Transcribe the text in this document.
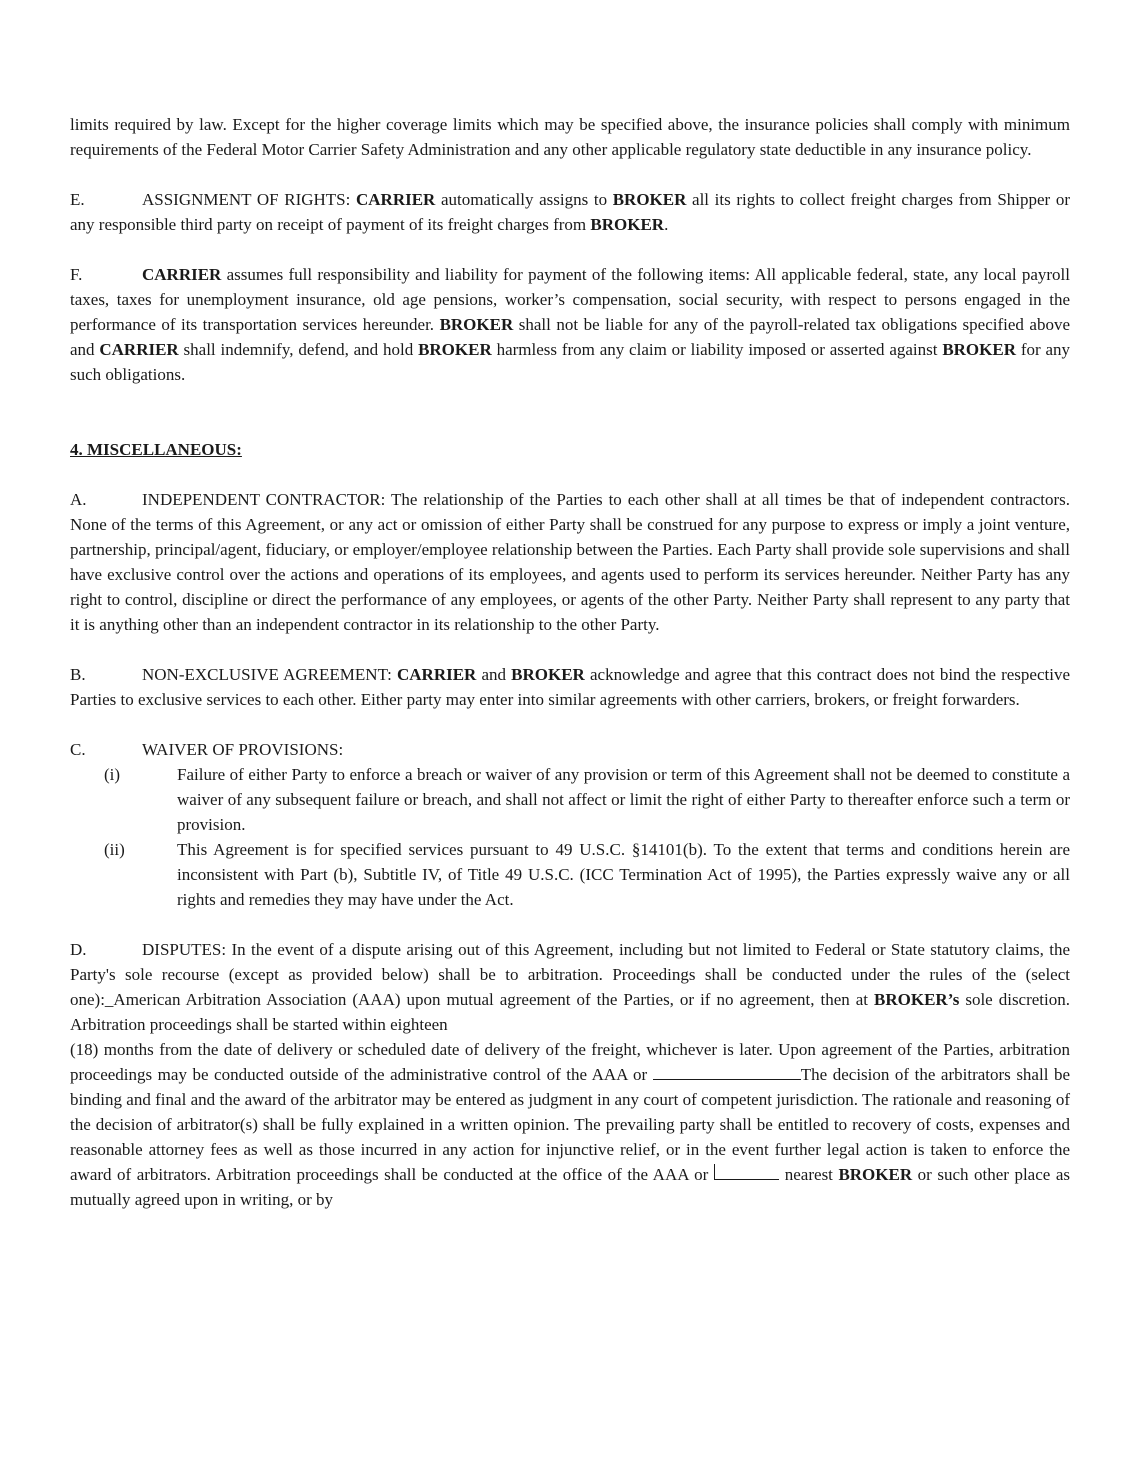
limits required by law. Except for the higher coverage limits which may be specified above, the insurance policies shall comply with minimum requirements of the Federal Motor Carrier Safety Administration and any other applicable regulatory state deductible in any insurance policy.

E.	ASSIGNMENT OF RIGHTS: CARRIER automatically assigns to BROKER all its rights to collect freight charges from Shipper or any responsible third party on receipt of payment of its freight charges from BROKER.

F.	CARRIER assumes full responsibility and liability for payment of the following items: All applicable federal, state, any local payroll taxes, taxes for unemployment insurance, old age pensions, worker’s compensation, social security, with respect to persons engaged in the performance of its transportation services hereunder. BROKER shall not be liable for any of the payroll-related tax obligations specified above and CARRIER shall indemnify, defend, and hold BROKER harmless from any claim or liability imposed or asserted against BROKER for any such obligations.

4. MISCELLANEOUS:

A.	INDEPENDENT CONTRACTOR: The relationship of the Parties to each other shall at all times be that of independent contractors. None of the terms of this Agreement, or any act or omission of either Party shall be construed for any purpose to express or imply a joint venture, partnership, principal/agent, fiduciary, or employer/employee relationship between the Parties. Each Party shall provide sole supervisions and shall have exclusive control over the actions and operations of its employees, and agents used to perform its services hereunder. Neither Party has any right to control, discipline or direct the performance of any employees, or agents of the other Party. Neither Party shall represent to any party that it is anything other than an independent contractor in its relationship to the other Party.

B.	NON-EXCLUSIVE AGREEMENT: CARRIER and BROKER acknowledge and agree that this contract does not bind the respective Parties to exclusive services to each other. Either party may enter into similar agreements with other carriers, brokers, or freight forwarders.

C.	WAIVER OF PROVISIONS:

(i)	Failure of either Party to enforce a breach or waiver of any provision or term of this Agreement shall not be deemed to constitute a waiver of any subsequent failure or breach, and shall not affect or limit the right of either Party to thereafter enforce such a term or provision.
(ii)	This Agreement is for specified services pursuant to 49 U.S.C. §14101(b). To the extent that terms and conditions herein are inconsistent with Part (b), Subtitle IV, of Title 49 U.S.C. (ICC Termination Act of 1995), the Parties expressly waive any or all rights and remedies they may have under the Act.

D.	DISPUTES: In the event of a dispute arising out of this Agreement, including but not limited to Federal or State statutory claims, the Party's sole recourse (except as provided below) shall be to arbitration. Proceedings shall be conducted under the rules of the (select one):_American Arbitration Association (AAA) upon mutual agreement of the Parties, or if no agreement, then at BROKER’s sole discretion. Arbitration proceedings shall be started within eighteen

(18) months from the date of delivery or scheduled date of delivery of the freight, whichever is later. Upon agreement of the Parties, arbitration proceedings may be conducted outside of the administrative control of the AAA or	The decision of the arbitrators shall be binding and final and the award of the arbitrator may be entered as judgment in any court of competent jurisdiction. The rationale and reasoning of the decision of arbitrator(s) shall be fully explained in a written opinion. The prevailing party shall be entitled to recovery of costs, expenses and reasonable attorney fees as well as those incurred in any action for injunctive relief, or in the event further legal action is taken to enforce the award of arbitrators. Arbitration proceedings shall be conducted at the office of the AAA or	nearest BROKER or such other place as mutually agreed upon in writing, or by
